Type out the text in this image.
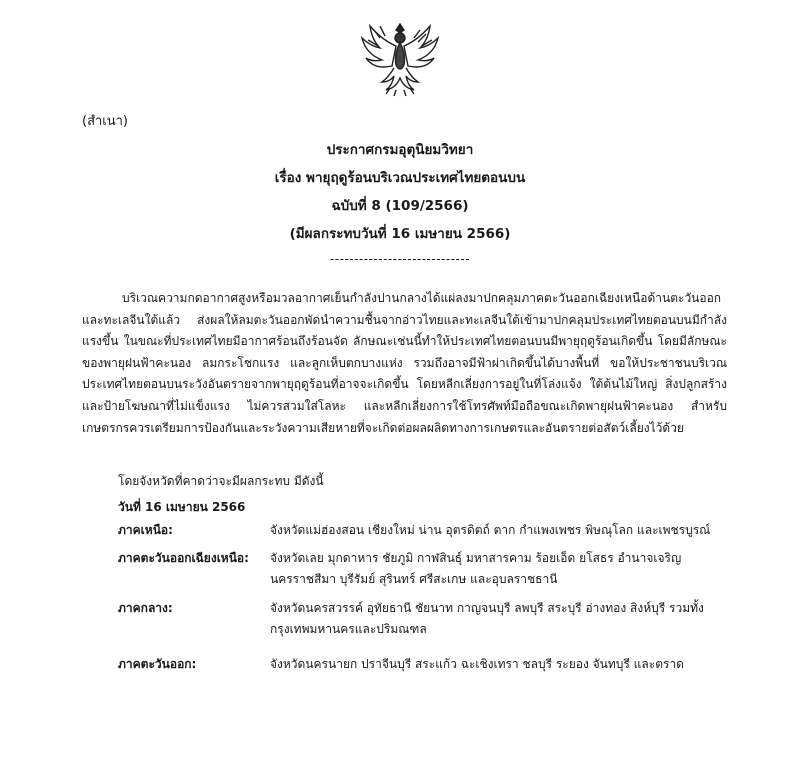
(สำเนา)
ประกาศกรมอุตุนิยมวิทยา
เรื่อง พายุฤดูร้อนบริเวณประเทศไทยตอนบน
ฉบับที่ 8 (109/2566)
(มีผลกระทบวันที่ 16 เมษายน 2566)
-----------------------------
บริเวณความกดอากาศสูงหรือมวลอากาศเย็นกำลังปานกลางได้แผ่ลงมาปกคลุมภาคตะวันออกเฉียงเหนือด้านตะวันออกและทะเลจีนใต้แล้ว ส่งผลให้ลมตะวันออกพัดนำความชื้นจากอ่าวไทยและทะเลจีนใต้เข้ามาปกคลุมประเทศไทยตอนบนมีกำลังแรงขึ้น ในขณะที่ประเทศไทยมีอากาศร้อนถึงร้อนจัด ลักษณะเช่นนี้ทำให้ประเทศไทยตอนบนมีพายุฤดูร้อนเกิดขึ้น โดยมีลักษณะของพายุฝนฟ้าคะนอง ลมกระโชกแรง และลูกเห็บตกบางแห่ง รวมถึงอาจมีฟ้าผ่าเกิดขึ้นได้บางพื้นที่ ขอให้ประชาชนบริเวณประเทศไทยตอนบนระวังอันตรายจากพายุฤดูร้อนที่อาจจะเกิดขึ้น โดยหลีกเลี่ยงการอยู่ในที่โล่งแจ้ง ใต้ต้นไม้ใหญ่ สิ่งปลูกสร้างและป้ายโฆษณาที่ไม่แข็งแรง ไม่ควรสวมใส่โลหะ และหลีกเลี่ยงการใช้โทรศัพท์มือถือขณะเกิดพายุฝนฟ้าคะนอง สำหรับเกษตรกรควรเตรียมการป้องกันและระวังความเสียหายที่จะเกิดต่อผลผลิตทางการเกษตรและอันตรายต่อสัตว์เลี้ยงไว้ด้วย
โดยจังหวัดที่คาดว่าจะมีผลกระทบ มีดังนี้
วันที่ 16 เมษายน 2566
ภาคเหนือ:	จังหวัดแม่ฮ่องสอน เชียงใหม่ น่าน อุตรดิตถ์ ตาก กำแพงเพชร พิษณุโลก และเพชรบูรณ์
ภาคตะวันออกเฉียงเหนือ: จังหวัดเลย มุกดาหาร ชัยภูมิ กาฬสินธุ์ มหาสารคาม ร้อยเอ็ด ยโสธร อำนาจเจริญ นครราชสีมา บุรีรัมย์ สุรินทร์ ศรีสะเกษ และอุบลราชธานี
ภาคกลาง:	จังหวัดนครสวรรค์ อุทัยธานี ชัยนาท กาญจนบุรี ลพบุรี สระบุรี อ่างทอง สิงห์บุรี รวมทั้งกรุงเทพมหานครและปริมณฑล
ภาคตะวันออก:	จังหวัดนครนายก ปราจีนบุรี สระแก้ว ฉะเชิงเทรา ชลบุรี ระยอง จันทบุรี และตราด
